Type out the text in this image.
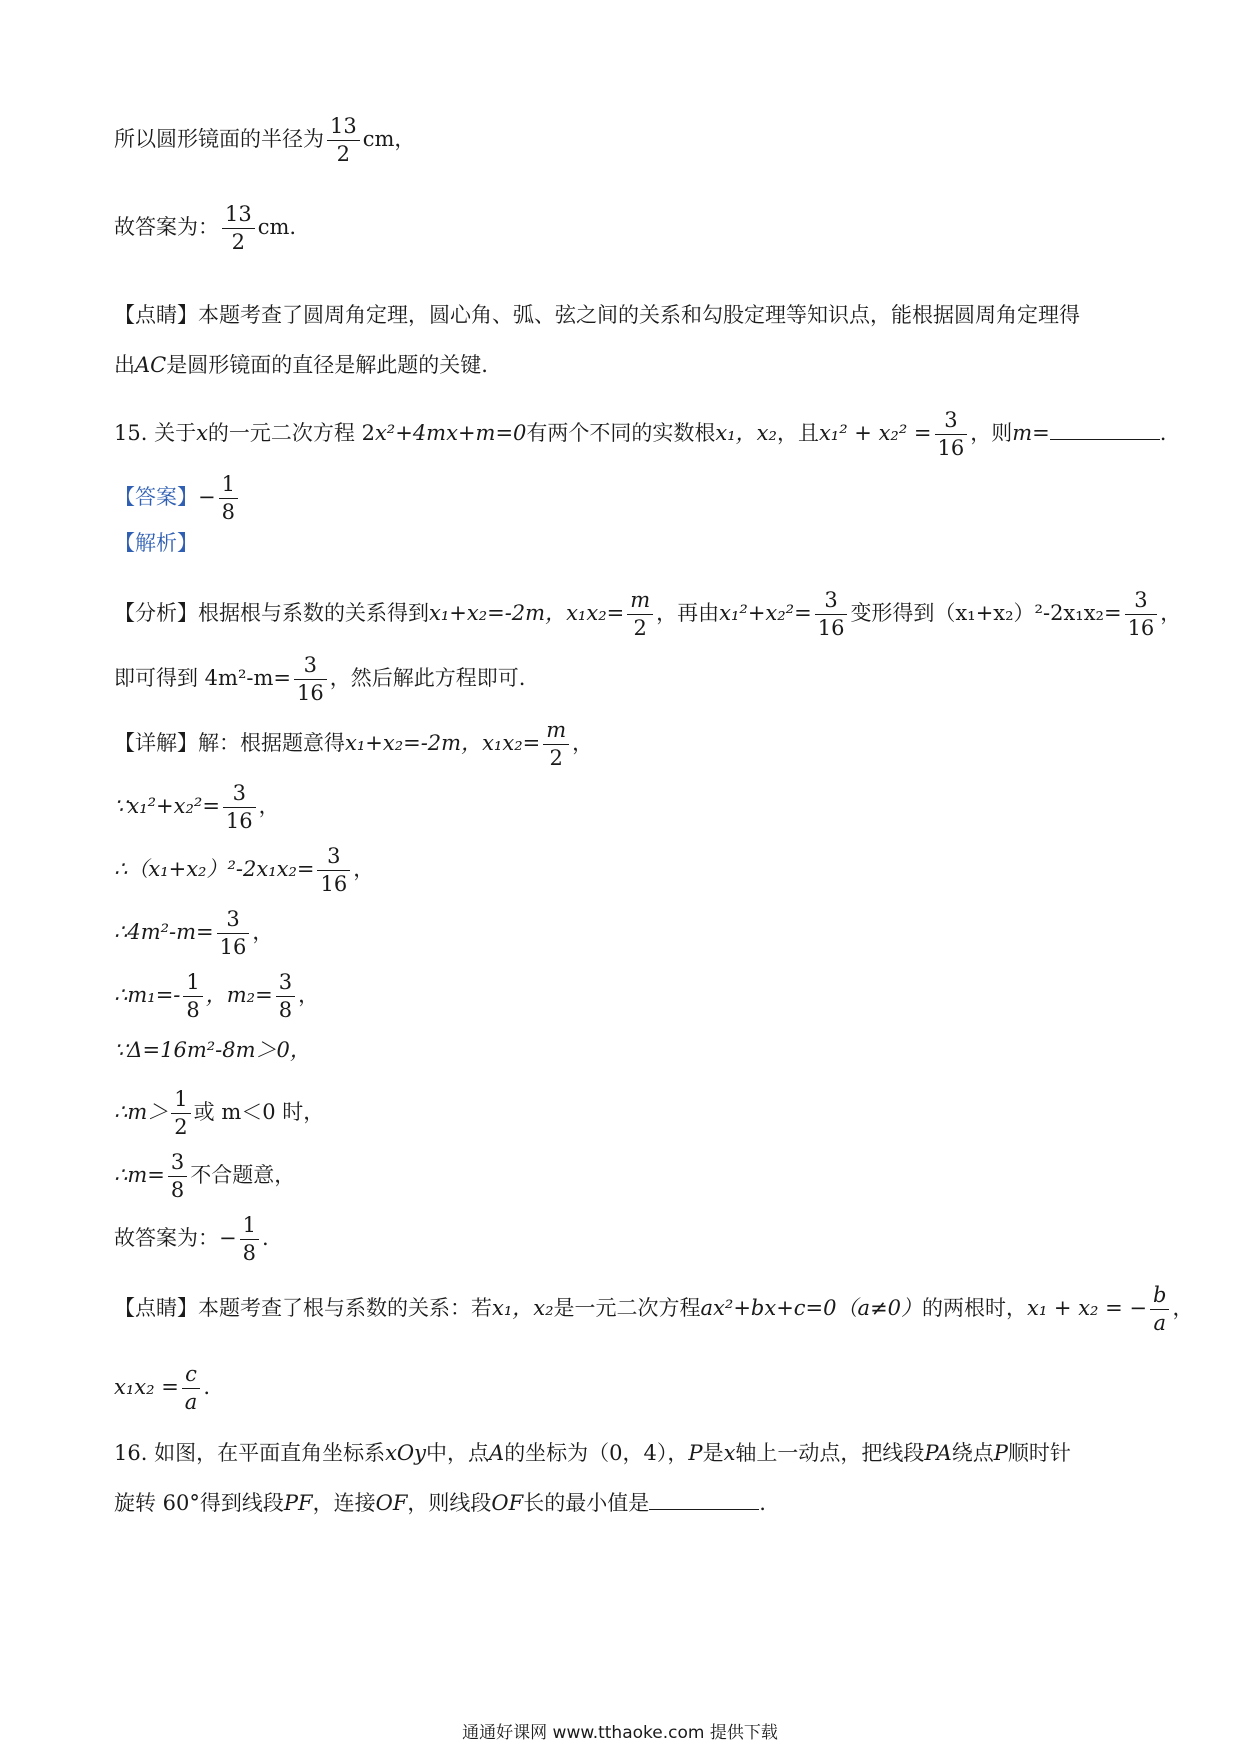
所以圆形镜面的半径为 $\frac{13}{2}$ cm，
故答案为： $\frac{13}{2}$ cm.
【点睛】本题考查了圆周角定理，圆心角、弧、弦之间的关系和勾股定理等知识点，能根据圆周角定理得
出AC是圆形镜面的直径是解此题的关键.
15. 关于x的一元二次方程 2x²+4mx+m=0有两个不同的实数根x₁，x₂，且$x_1^2 + x_2^2 = \frac{3}{16}$ ，则m=	.
【答案】− $\frac{1}{8}$
【解析】
【分析】根据根与系数的关系得到x₁+x₂=-2m，$x_1x_2= \frac{m}{2}$ ，再由$x_1^2+x_2^2= \frac{3}{16}$ 变形得到$(x_1+x_2)^2-2x_1x_2= \frac{3}{16}$ ，
即可得到 $4m^2-m= \frac{3}{16}$ ，然后解此方程即可.
【详解】解：根据题意得x₁+x₂=-2m，$x_1x_2= \frac{m}{2}$ ，
∵x₁²+x₂²= $\frac{3}{16}$ ，
∴（x₁+x₂）²-2x₁x₂= $\frac{3}{16}$ ，
∴4m²-m= $\frac{3}{16}$ ，
∴m₁=- $\frac{1}{8}$ ，$m_2= \frac{3}{8}$ ，
∵Δ=16m²-8m＞0，
∴m＞ $\frac{1}{2}$ 或 m＜0 时，
∴m= $\frac{3}{8}$ 不合题意，
故答案为：− $\frac{1}{8}$ .
【点睛】本题考查了根与系数的关系：若x₁，x₂是一元二次方程ax²+bx+c=0（a≠0）的两根时，x₁ + x₂ = − $\frac{b}{a}$ ，
$x_1x_2 = \frac{c}{a}$ .
16. 如图，在平面直角坐标系xOy中，点A的坐标为（0，4），P是x轴上一动点，把线段PA绕点P顺时针
旋转 60°得到线段PF，连接OF，则线段OF长的最小值是	.
通通好课网 www.tthaoke.com 提供下载
